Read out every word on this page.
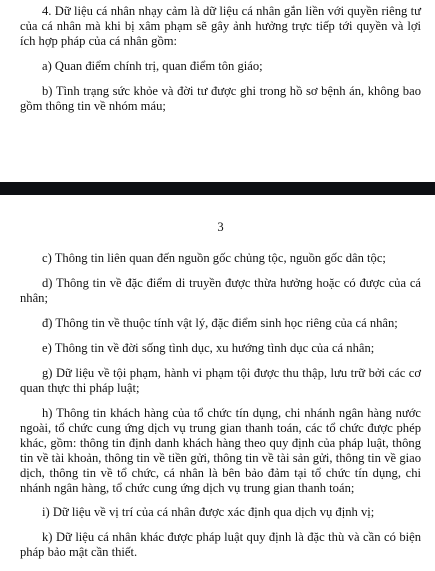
4. Dữ liệu cá nhân nhạy cảm là dữ liệu cá nhân gắn liền với quyền riêng tư của cá nhân mà khi bị xâm phạm sẽ gây ảnh hưởng trực tiếp tới quyền và lợi ích hợp pháp của cá nhân gồm:

a) Quan điểm chính trị, quan điểm tôn giáo;

b) Tình trạng sức khỏe và đời tư được ghi trong hồ sơ bệnh án, không bao gồm thông tin về nhóm máu;

3

c) Thông tin liên quan đến nguồn gốc chủng tộc, nguồn gốc dân tộc;

d) Thông tin về đặc điểm di truyền được thừa hưởng hoặc có được của cá nhân;

đ) Thông tin về thuộc tính vật lý, đặc điểm sinh học riêng của cá nhân;

e) Thông tin về đời sống tình dục, xu hướng tình dục của cá nhân;

g) Dữ liệu về tội phạm, hành vi phạm tội được thu thập, lưu trữ bởi các cơ quan thực thi pháp luật;

h) Thông tin khách hàng của tổ chức tín dụng, chi nhánh ngân hàng nước ngoài, tổ chức cung ứng dịch vụ trung gian thanh toán, các tổ chức được phép khác, gồm: thông tin định danh khách hàng theo quy định của pháp luật, thông tin về tài khoản, thông tin về tiền gửi, thông tin về tài sản gửi, thông tin về giao dịch, thông tin về tổ chức, cá nhân là bên bảo đảm tại tổ chức tín dụng, chi nhánh ngân hàng, tổ chức cung ứng dịch vụ trung gian thanh toán;

i) Dữ liệu về vị trí của cá nhân được xác định qua dịch vụ định vị;

k) Dữ liệu cá nhân khác được pháp luật quy định là đặc thù và cần có biện pháp bảo mật cần thiết.
